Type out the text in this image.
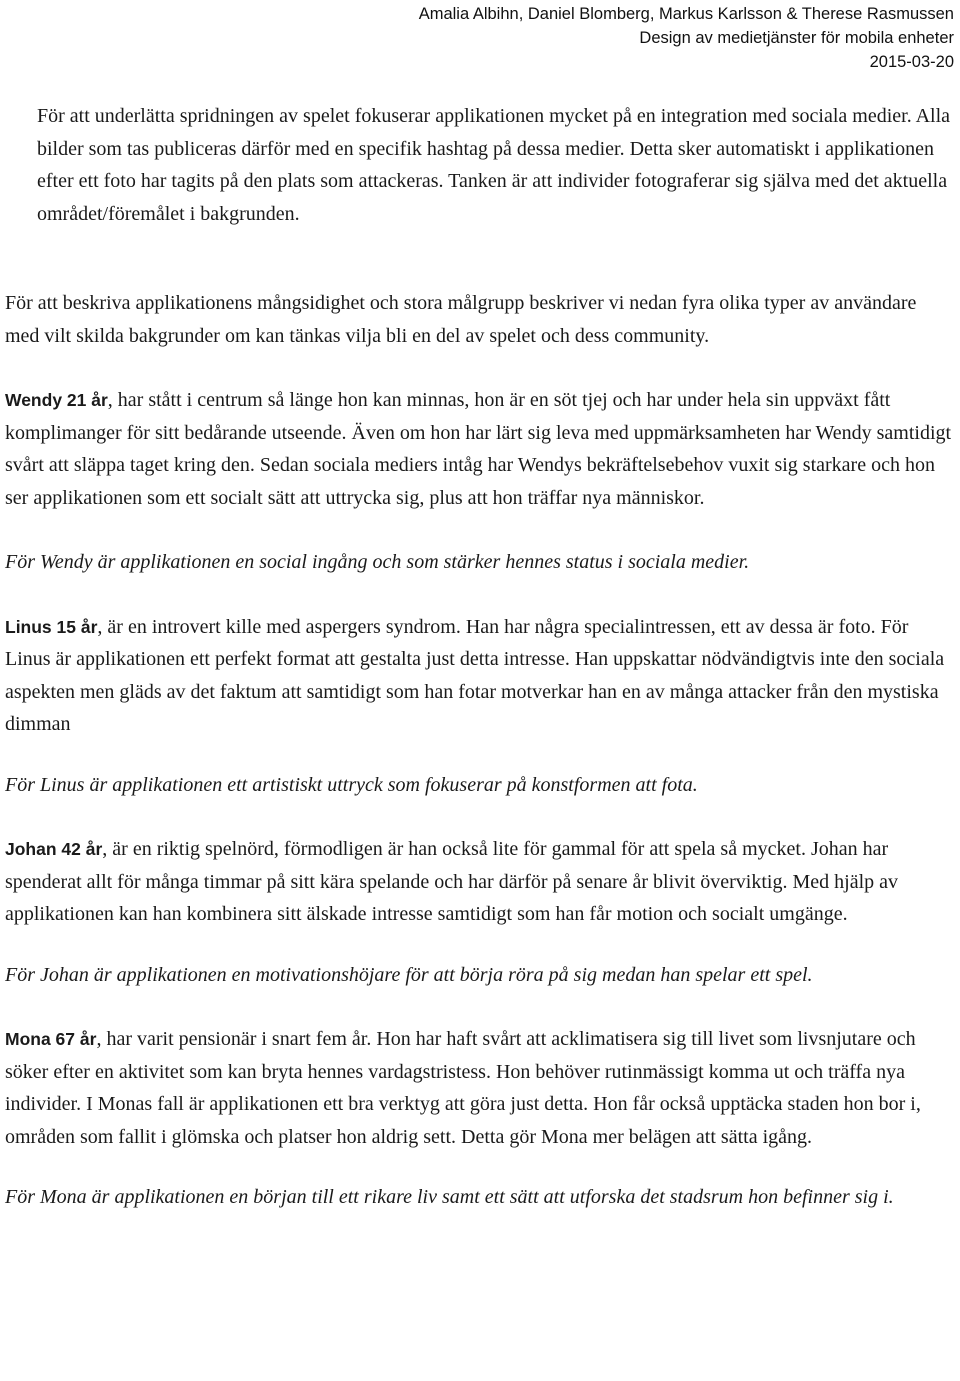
Amalia Albihn, Daniel Blomberg, Markus Karlsson & Therese Rasmussen
Design av medietjänster för mobila enheter
2015-03-20

För att underlätta spridningen av spelet fokuserar applikationen mycket på en integration med sociala medier. Alla bilder som tas publiceras därför med en specifik hashtag på dessa medier. Detta sker automatiskt i applikationen efter ett foto har tagits på den plats som attackeras. Tanken är att individer fotograferar sig själva med det aktuella området/föremålet i bakgrunden.

För att beskriva applikationens mångsidighet och stora målgrupp beskriver vi nedan fyra olika typer av användare med vilt skilda bakgrunder om kan tänkas vilja bli en del av spelet och dess community.

Wendy 21 år, har stått i centrum så länge hon kan minnas, hon är en söt tjej och har under hela sin uppväxt fått komplimanger för sitt bedårande utseende. Även om hon har lärt sig leva med uppmärksamheten har Wendy samtidigt svårt att släppa taget kring den. Sedan sociala mediers intåg har Wendys bekräftelsebehov vuxit sig starkare och hon ser applikationen som ett socialt sätt att uttrycka sig, plus att hon träffar nya människor.

För Wendy är applikationen en social ingång och som stärker hennes status i sociala medier.

Linus 15 år, är en introvert kille med aspergers syndrom. Han har några specialintressen, ett av dessa är foto. För Linus är applikationen ett perfekt format att gestalta just detta intresse. Han uppskattar nödvändigtvis inte den sociala aspekten men gläds av det faktum att samtidigt som han fotar motverkar han en av många attacker från den mystiska dimman

För Linus är applikationen ett artistiskt uttryck som fokuserar på konstformen att fota.

Johan 42 år, är en riktig spelnörd, förmodligen är han också lite för gammal för att spela så mycket. Johan har spenderat allt för många timmar på sitt kära spelande och har därför på senare år blivit överviktig. Med hjälp av applikationen kan han kombinera sitt älskade intresse samtidigt som han får motion och socialt umgänge.

För Johan är applikationen en motivationshöjare för att börja röra på sig medan han spelar ett spel.

Mona 67 år, har varit pensionär i snart fem år. Hon har haft svårt att acklimatisera sig till livet som livsnjutare och söker efter en aktivitet som kan bryta hennes vardagstristess. Hon behöver rutinmässigt komma ut och träffa nya individer. I Monas fall är applikationen ett bra verktyg att göra just detta. Hon får också upptäcka staden hon bor i, områden som fallit i glömska och platser hon aldrig sett. Detta gör Mona mer belägen att sätta igång.

För Mona är applikationen en början till ett rikare liv samt ett sätt att utforska det stadsrum hon befinner sig i.
